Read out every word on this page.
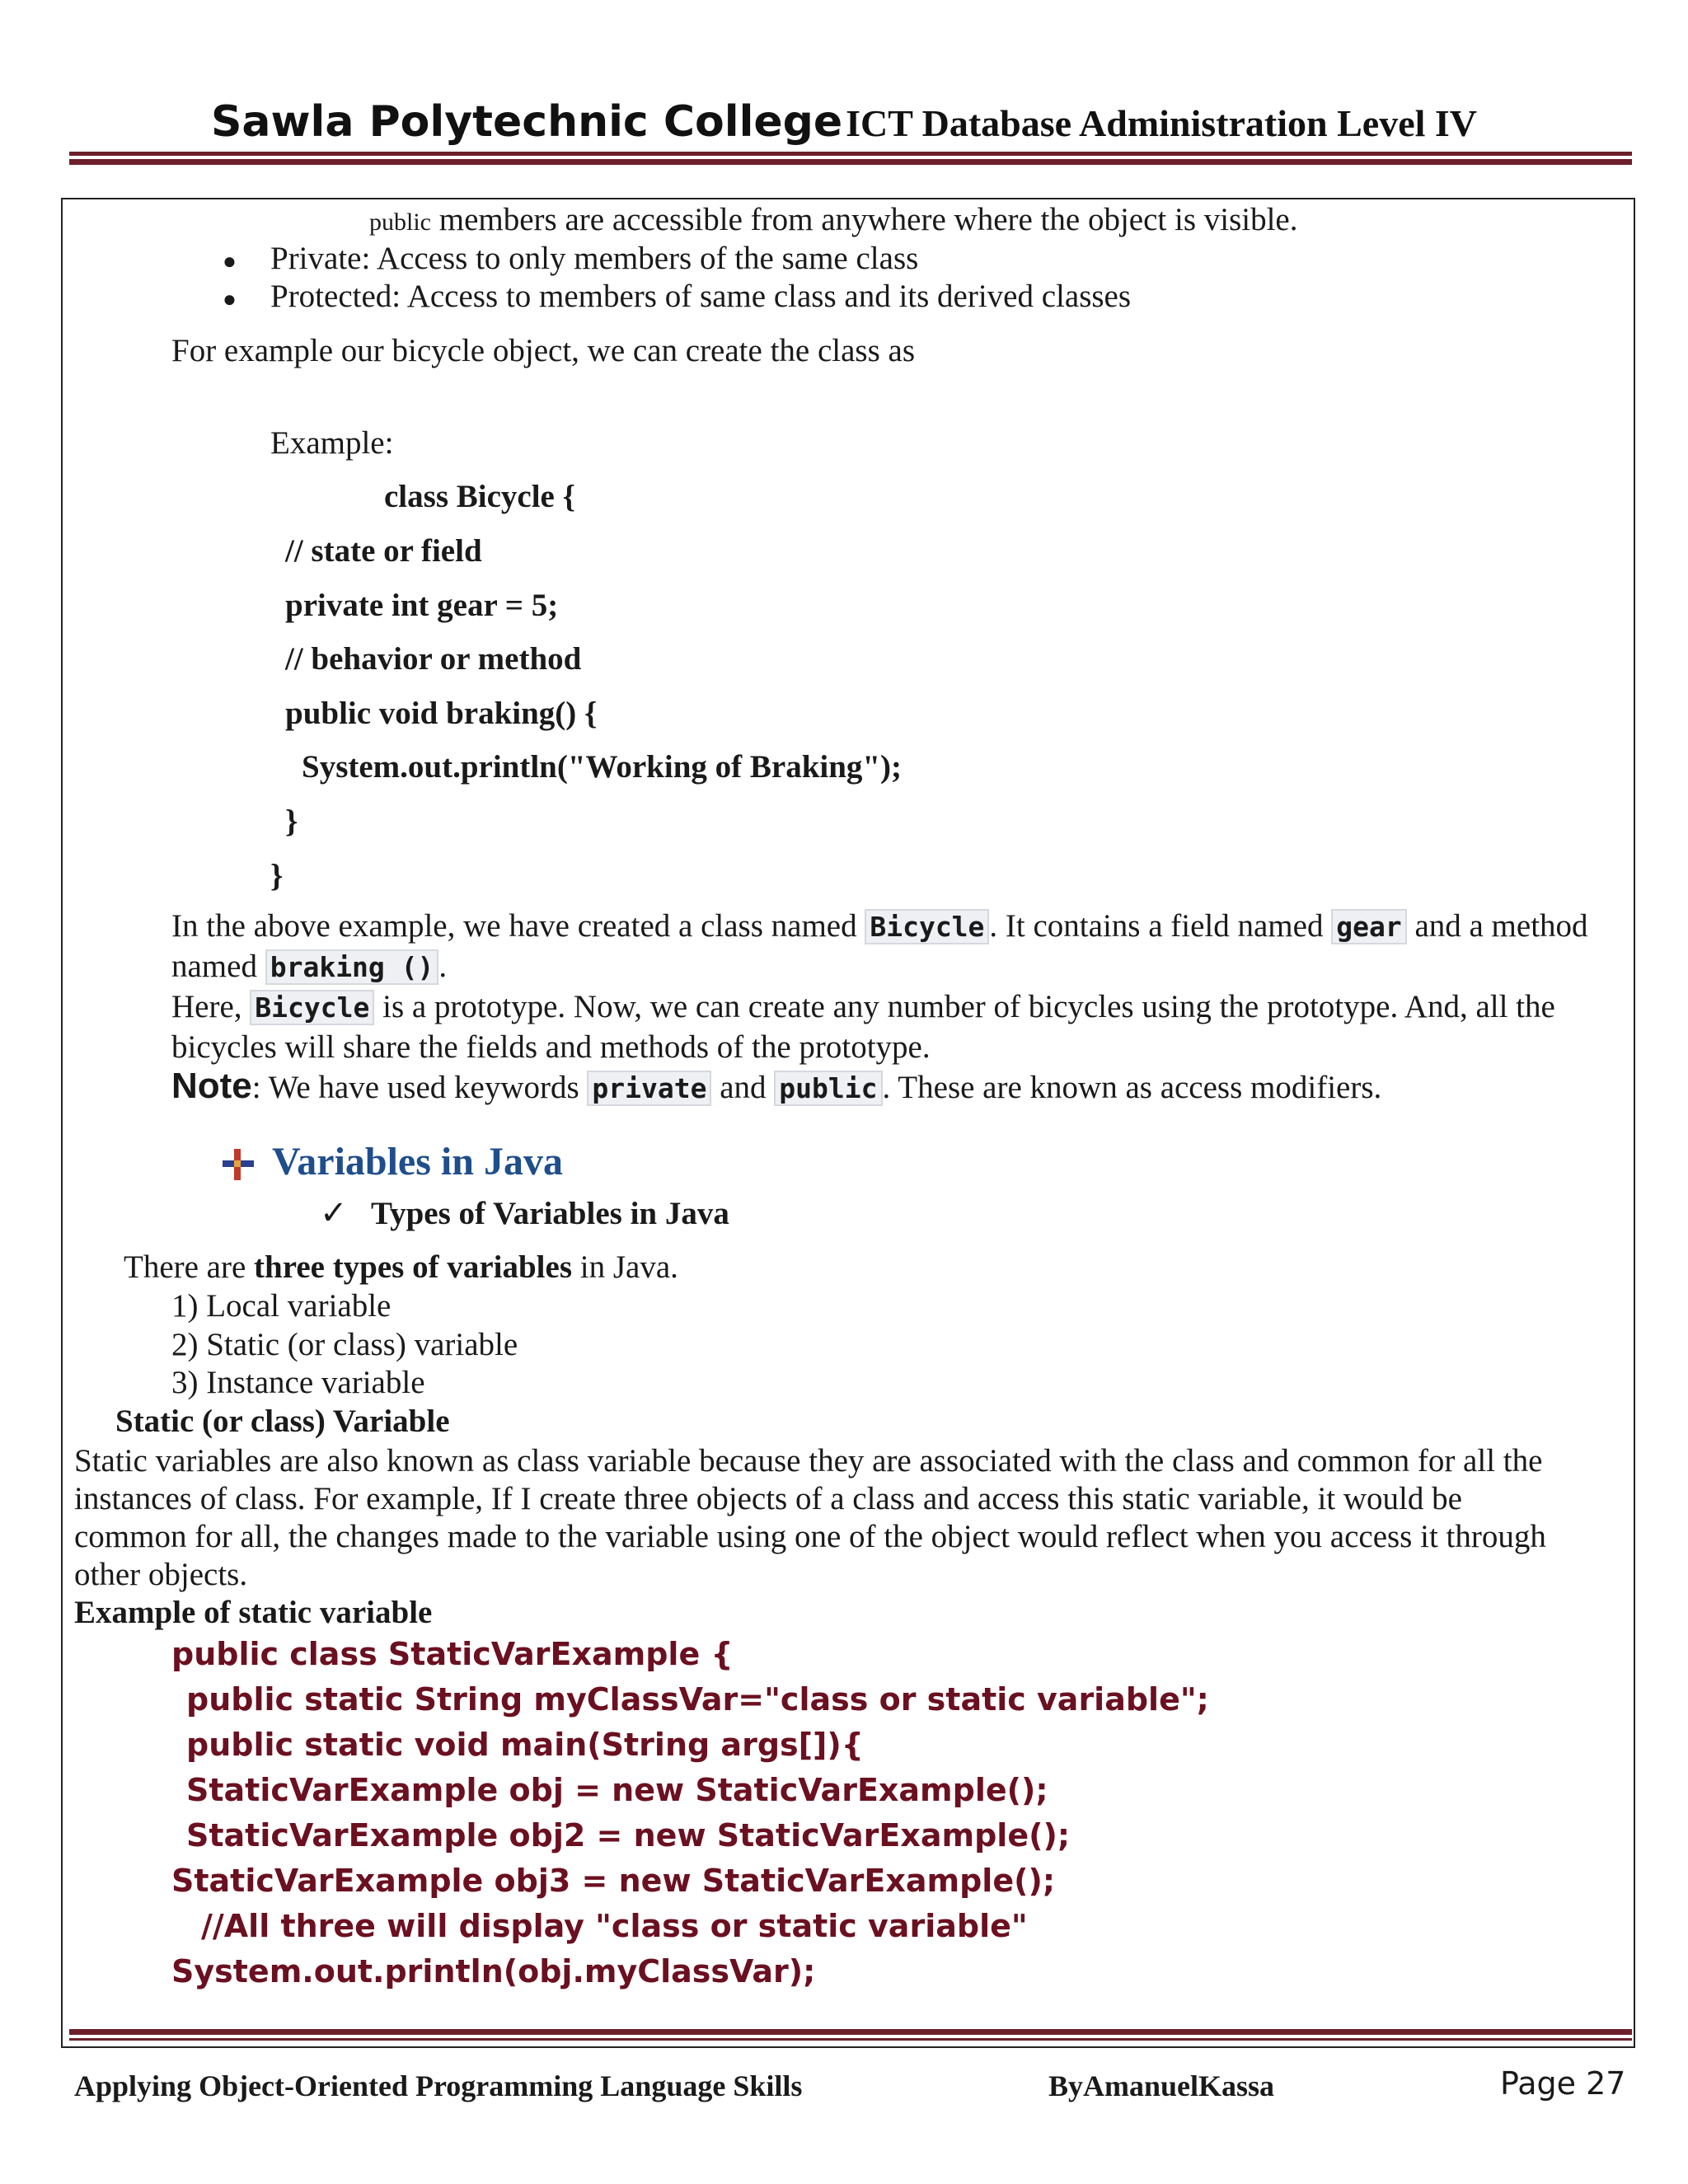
Sawla Polytechnic College ICT Database Administration Level IV
public members are accessible from anywhere where the object is visible.
● Private: Access to only members of the same class
● Protected: Access to members of same class and its derived classes
For example our bicycle object, we can create the class as
Example:
class Bicycle {
// state or field
private int gear = 5;
// behavior or method
public void braking() {
System.out.println("Working of Braking");
}
}
In the above example, we have created a class named Bicycle . It contains a field named gear and a method
named braking () .
Here, Bicycle is a prototype. Now, we can create any number of bicycles using the prototype. And, all the
bicycles will share the fields and methods of the prototype.
Note: We have used keywords private and public . These are known as access modifiers.
Variables in Java
✓ Types of Variables in Java
There are three types of variables in Java.
1) Local variable
2) Static (or class) variable
3) Instance variable
Static (or class) Variable
Static variables are also known as class variable because they are associated with the class and common for all the
instances of class. For example, If I create three objects of a class and access this static variable, it would be
common for all, the changes made to the variable using one of the object would reflect when you access it through
other objects.
Example of static variable
public class StaticVarExample {
public static String myClassVar="class or static variable";
public static void main(String args[]){
StaticVarExample obj = new StaticVarExample();
StaticVarExample obj2 = new StaticVarExample();
StaticVarExample obj3 = new StaticVarExample();
//All three will display "class or static variable"
System.out.println(obj.myClassVar);
Applying Object-Oriented Programming Language Skills	ByAmanuelKassa	Page 27
